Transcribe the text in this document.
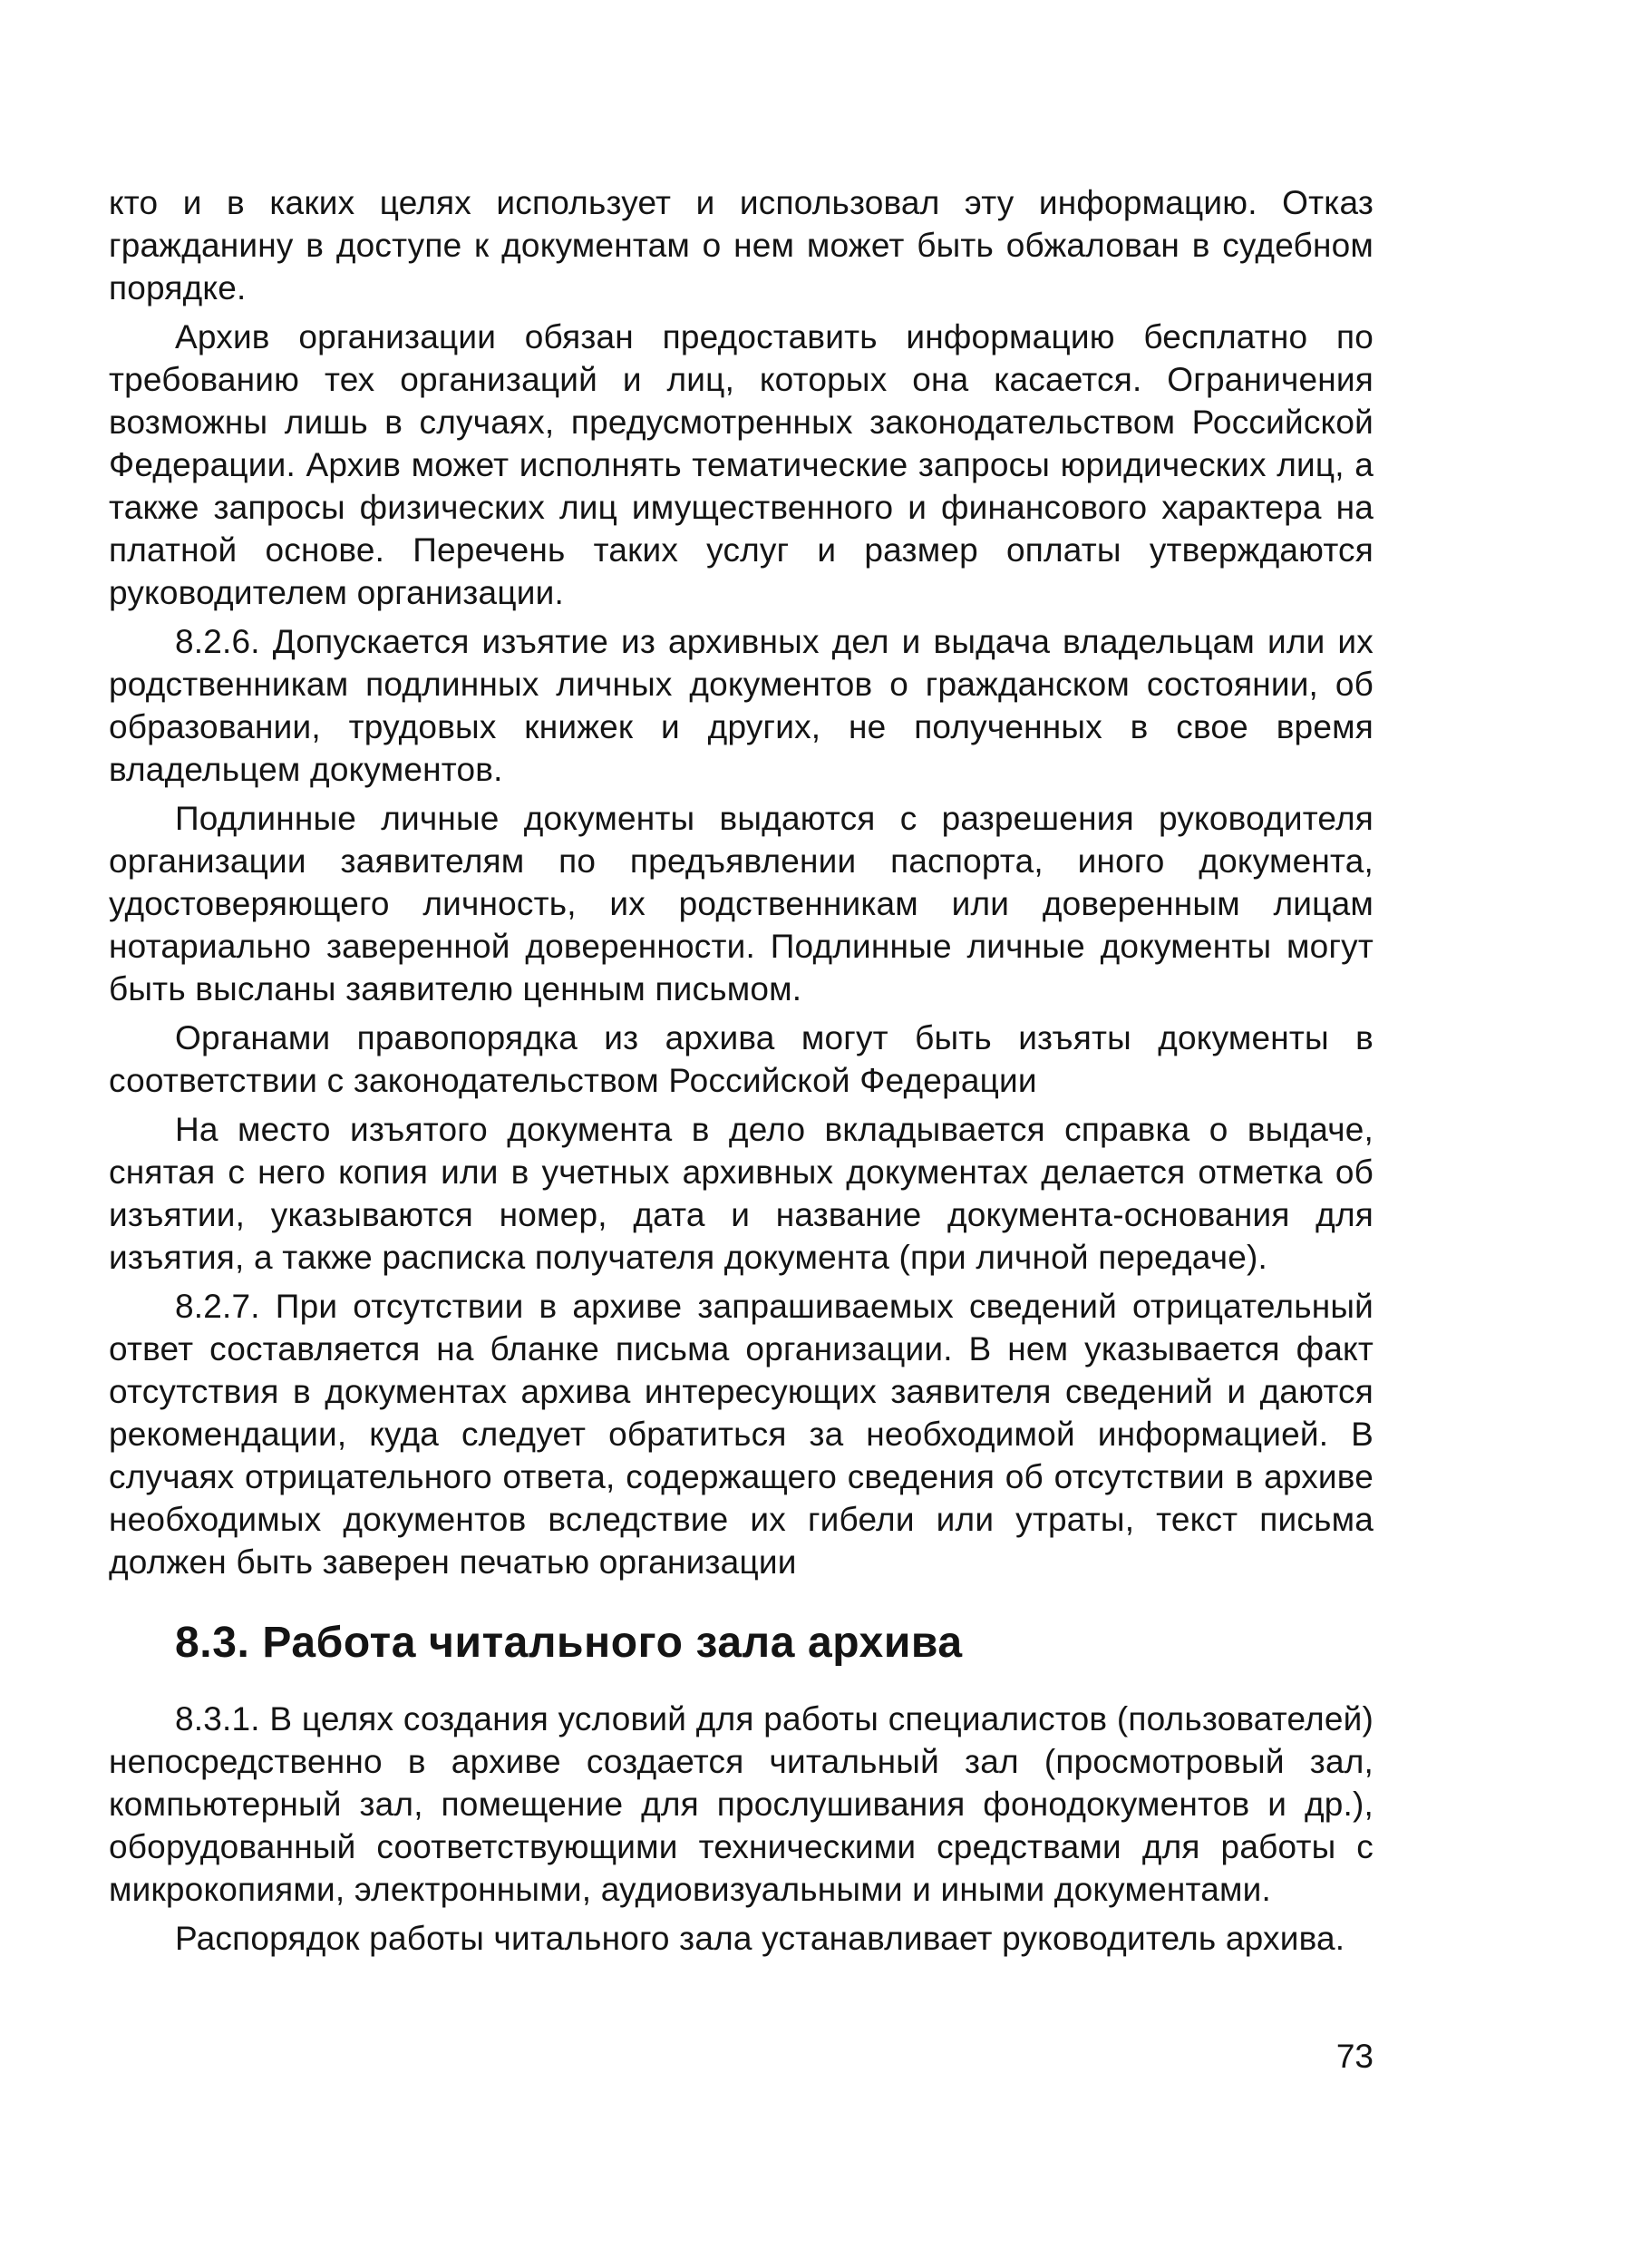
кто и в каких целях использует и использовал эту информацию. Отказ гражданину в доступе к документам о нем может быть обжалован в судебном порядке.

Архив организации обязан предоставить информацию бесплатно по требованию тех организаций и лиц, которых она касается. Ограничения возможны лишь в случаях, предусмотренных законодательством Российской Федерации. Архив может исполнять тематические запросы юридических лиц, а также запросы физических лиц имущественного и финансового характера на платной основе. Перечень таких услуг и размер оплаты утверждаются руководителем организации.

8.2.6. Допускается изъятие из архивных дел и выдача владельцам или их родственникам подлинных личных документов о гражданском состоянии, об образовании, трудовых книжек и других, не полученных в свое время владельцем документов.

Подлинные личные документы выдаются с разрешения руководителя организации заявителям по предъявлении паспорта, иного документа, удостоверяющего личность, их родственникам или доверенным лицам нотариально заверенной доверенности. Подлинные личные документы могут быть высланы заявителю ценным письмом.

Органами правопорядка из архива могут быть изъяты документы в соответствии с законодательством Российской Федерации

На место изъятого документа в дело вкладывается справка о выдаче, снятая с него копия или в учетных архивных документах делается отметка об изъятии, указываются номер, дата и название документа-основания для изъятия, а также расписка получателя документа (при личной передаче).

8.2.7. При отсутствии в архиве запрашиваемых сведений отрицательный ответ составляется на бланке письма организации. В нем указывается факт отсутствия в документах архива интересующих заявителя сведений и даются рекомендации, куда следует обратиться за необходимой информацией. В случаях отрицательного ответа, содержащего сведения об отсутствии в архиве необходимых документов вследствие их гибели или утраты, текст письма должен быть заверен печатью организации

8.3. Работа читального зала архива

8.3.1. В целях создания условий для работы специалистов (пользователей) непосредственно в архиве создается читальный зал (просмотровый зал, компьютерный зал, помещение для прослушивания фонодокументов и др.), оборудованный соответствующими техническими средствами для работы с микрокопиями, электронными, аудиовизуальными и иными документами.

Распорядок работы читального зала устанавливает руководитель архива.

73
